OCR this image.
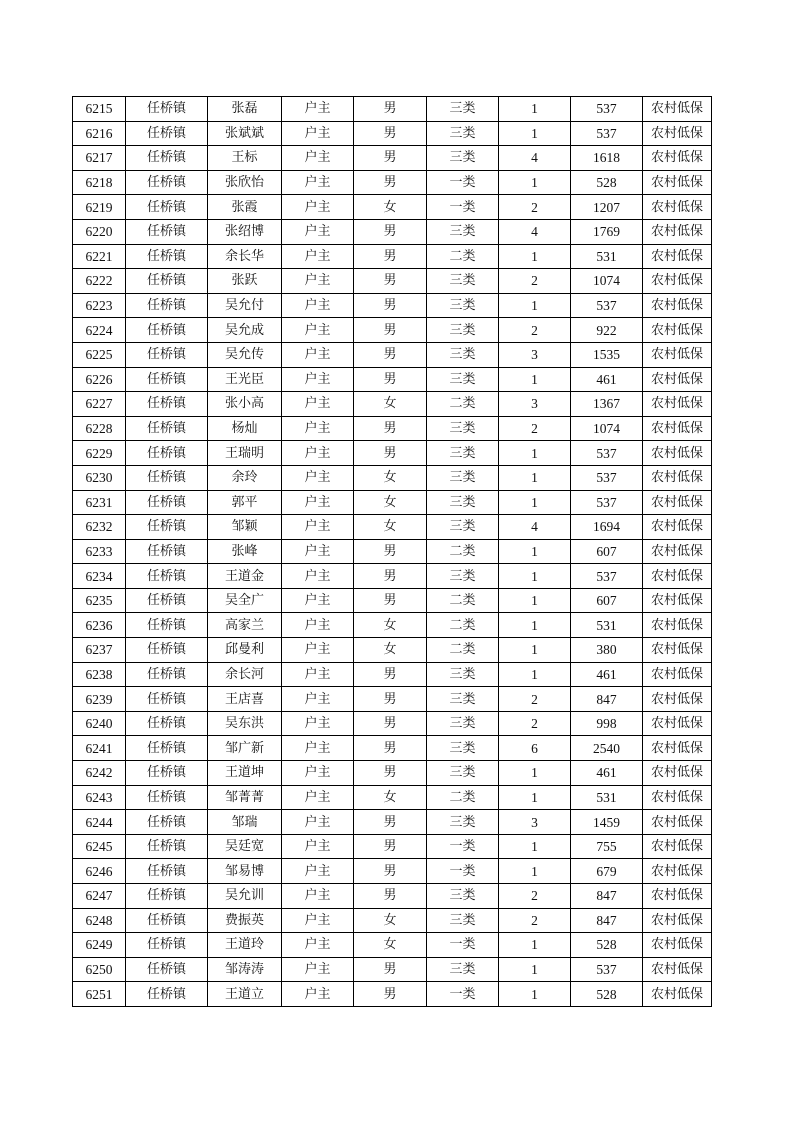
6215	任桥镇	张磊	户主	男	三类	1	537	农村低保
6216	任桥镇	张斌斌	户主	男	三类	1	537	农村低保
6217	任桥镇	王标	户主	男	三类	4	1618	农村低保
6218	任桥镇	张欣怡	户主	男	一类	1	528	农村低保
6219	任桥镇	张霞	户主	女	一类	2	1207	农村低保
6220	任桥镇	张绍博	户主	男	三类	4	1769	农村低保
6221	任桥镇	余长华	户主	男	二类	1	531	农村低保
6222	任桥镇	张跃	户主	男	三类	2	1074	农村低保
6223	任桥镇	吴允付	户主	男	三类	1	537	农村低保
6224	任桥镇	吴允成	户主	男	三类	2	922	农村低保
6225	任桥镇	吴允传	户主	男	三类	3	1535	农村低保
6226	任桥镇	王光臣	户主	男	三类	1	461	农村低保
6227	任桥镇	张小高	户主	女	二类	3	1367	农村低保
6228	任桥镇	杨灿	户主	男	三类	2	1074	农村低保
6229	任桥镇	王瑞明	户主	男	三类	1	537	农村低保
6230	任桥镇	余玲	户主	女	三类	1	537	农村低保
6231	任桥镇	郭平	户主	女	三类	1	537	农村低保
6232	任桥镇	邹颖	户主	女	三类	4	1694	农村低保
6233	任桥镇	张峰	户主	男	二类	1	607	农村低保
6234	任桥镇	王道金	户主	男	三类	1	537	农村低保
6235	任桥镇	吴全广	户主	男	二类	1	607	农村低保
6236	任桥镇	高家兰	户主	女	二类	1	531	农村低保
6237	任桥镇	邱曼利	户主	女	二类	1	380	农村低保
6238	任桥镇	余长河	户主	男	三类	1	461	农村低保
6239	任桥镇	王店喜	户主	男	三类	2	847	农村低保
6240	任桥镇	吴东洪	户主	男	三类	2	998	农村低保
6241	任桥镇	邹广新	户主	男	三类	6	2540	农村低保
6242	任桥镇	王道坤	户主	男	三类	1	461	农村低保
6243	任桥镇	邹菁菁	户主	女	二类	1	531	农村低保
6244	任桥镇	邹瑞	户主	男	三类	3	1459	农村低保
6245	任桥镇	吴廷宽	户主	男	一类	1	755	农村低保
6246	任桥镇	邹易博	户主	男	一类	1	679	农村低保
6247	任桥镇	吴允训	户主	男	三类	2	847	农村低保
6248	任桥镇	费振英	户主	女	三类	2	847	农村低保
6249	任桥镇	王道玲	户主	女	一类	1	528	农村低保
6250	任桥镇	邹涛涛	户主	男	三类	1	537	农村低保
6251	任桥镇	王道立	户主	男	一类	1	528	农村低保
